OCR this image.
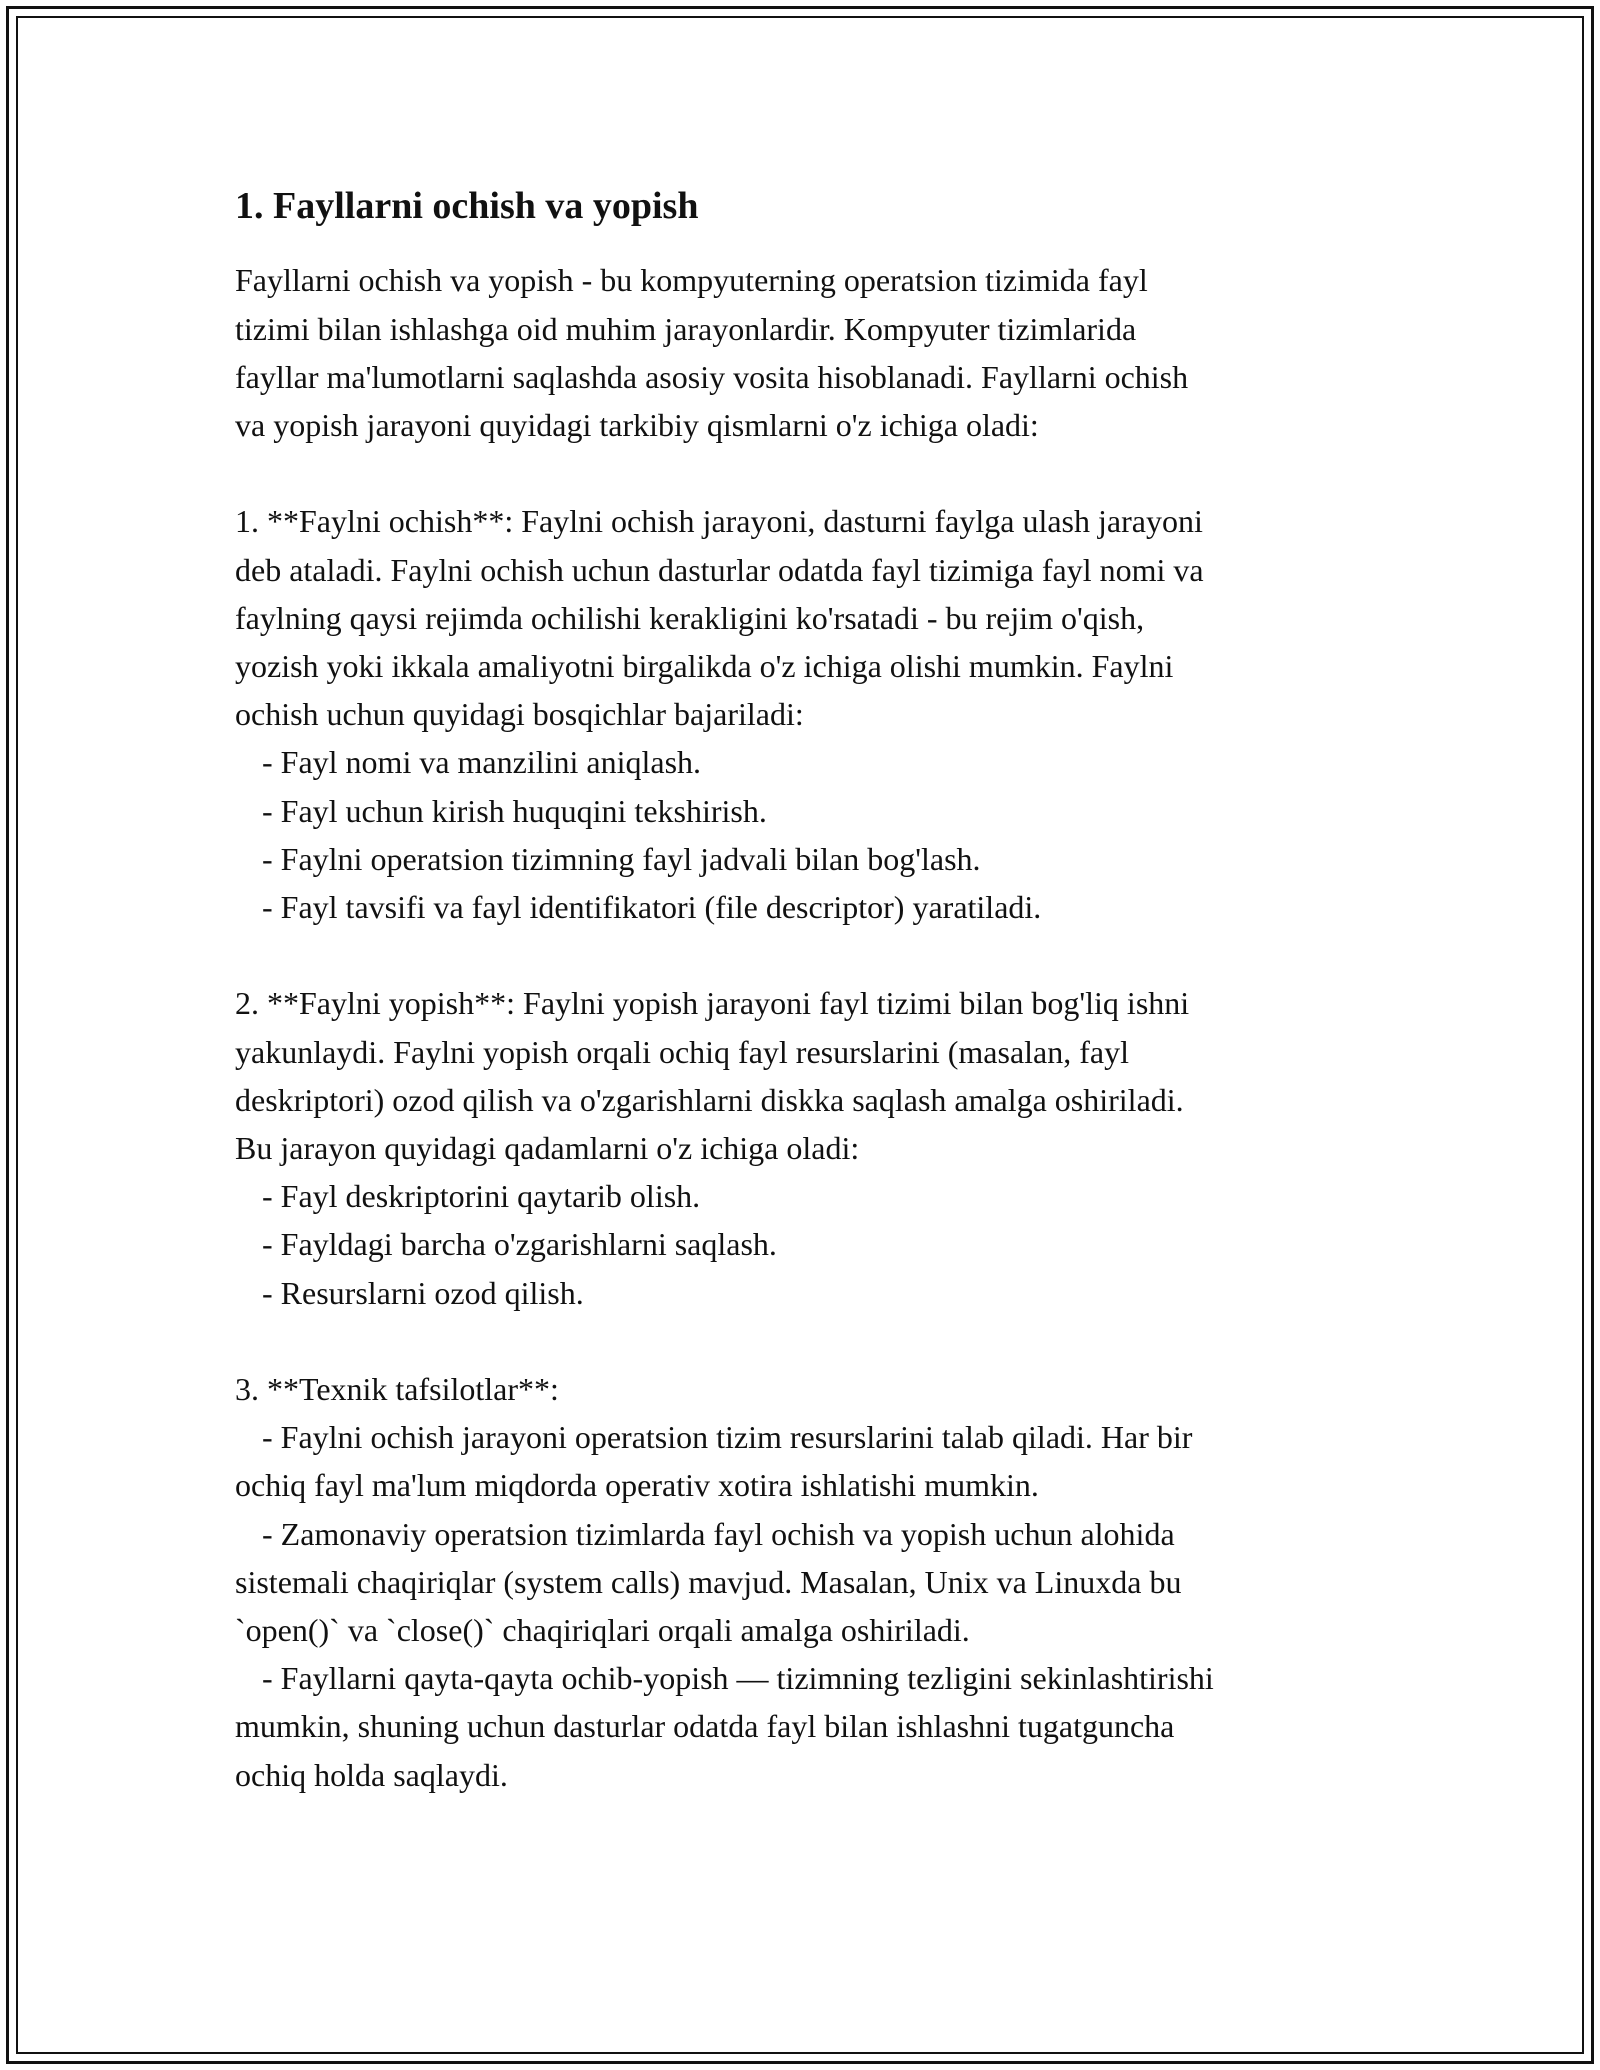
1. Fayllarni ochish va yopish

Fayllarni ochish va yopish - bu kompyuterning operatsion tizimida fayl
tizimi bilan ishlashga oid muhim jarayonlardir. Kompyuter tizimlarida
fayllar ma'lumotlarni saqlashda asosiy vosita hisoblanadi. Fayllarni ochish
va yopish jarayoni quyidagi tarkibiy qismlarni o'z ichiga oladi:

1. **Faylni ochish**: Faylni ochish jarayoni, dasturni faylga ulash jarayoni
deb ataladi. Faylni ochish uchun dasturlar odatda fayl tizimiga fayl nomi va
faylning qaysi rejimda ochilishi kerakligini ko'rsatadi - bu rejim o'qish,
yozish yoki ikkala amaliyotni birgalikda o'z ichiga olishi mumkin. Faylni
ochish uchun quyidagi bosqichlar bajariladi:

- Fayl nomi va manzilini aniqlash.

- Fayl uchun kirish huquqini tekshirish.

- Faylni operatsion tizimning fayl jadvali bilan bog'lash.

- Fayl tavsifi va fayl identifikatori (file descriptor) yaratiladi.

2. **Faylni yopish**: Faylni yopish jarayoni fayl tizimi bilan bog'liq ishni
yakunlaydi. Faylni yopish orqali ochiq fayl resurslarini (masalan, fayl
deskriptori) ozod qilish va o'zgarishlarni diskka saqlash amalga oshiriladi.
Bu jarayon quyidagi qadamlarni o'z ichiga oladi:

- Fayl deskriptorini qaytarib olish.

- Fayldagi barcha o'zgarishlarni saqlash.

- Resurslarni ozod qilish.

3. **Texnik tafsilotlar**:

- Faylni ochish jarayoni operatsion tizim resurslarini talab qiladi. Har bir
ochiq fayl ma'lum miqdorda operativ xotira ishlatishi mumkin.

- Zamonaviy operatsion tizimlarda fayl ochish va yopish uchun alohida
sistemali chaqiriqlar (system calls) mavjud. Masalan, Unix va Linuxda bu
`open()` va `close()` chaqiriqlari orqali amalga oshiriladi.

- Fayllarni qayta-qayta ochib-yopish — tizimning tezligini sekinlashtirishi
mumkin, shuning uchun dasturlar odatda fayl bilan ishlashni tugatguncha
ochiq holda saqlaydi.
